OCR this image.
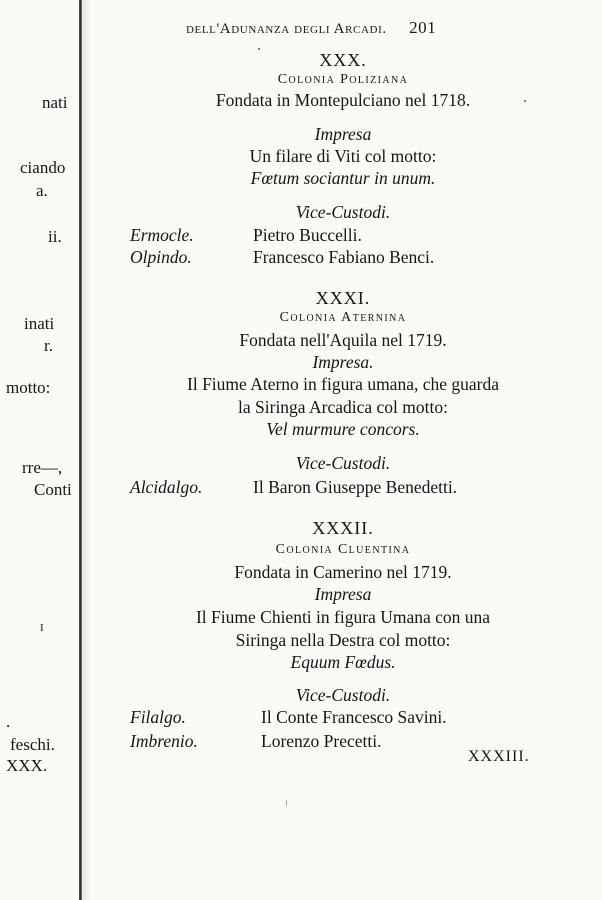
nati
ciando
a.
ii.
inati
r.
motto:
rre—,
Conti
I
.
feschi.
XXX.
dell'Adunanza degli Arcadi. 201
XXX.
Colonia Poliziana
Fondata in Montepulciano nel 1718.
Impresa
Un filare di Viti col motto:
Fœtum sociantur in unum.
Vice-Custodi.
Ermocle.	Pietro Buccelli.
Olpindo.	Francesco Fabiano Benci.
XXXI.
Colonia Aternina
Fondata nell'Aquila nel 1719.
Impresa.
Il Fiume Aterno in figura umana, che guarda
la Siringa Arcadica col motto:
Vel murmure concors.
Vice-Custodi.
Alcidalgo.	Il Baron Giuseppe Benedetti.
XXXII.
Colonia Cluentina
Fondata in Camerino nel 1719.
Impresa
Il Fiume Chienti in figura Umana con una
Siringa nella Destra col motto:
Equum Fœdus.
Vice-Custodi.
Filalgo.	Il Conte Francesco Savini.
Imbrenio.	Lorenzo Precetti.
XXXIII.
